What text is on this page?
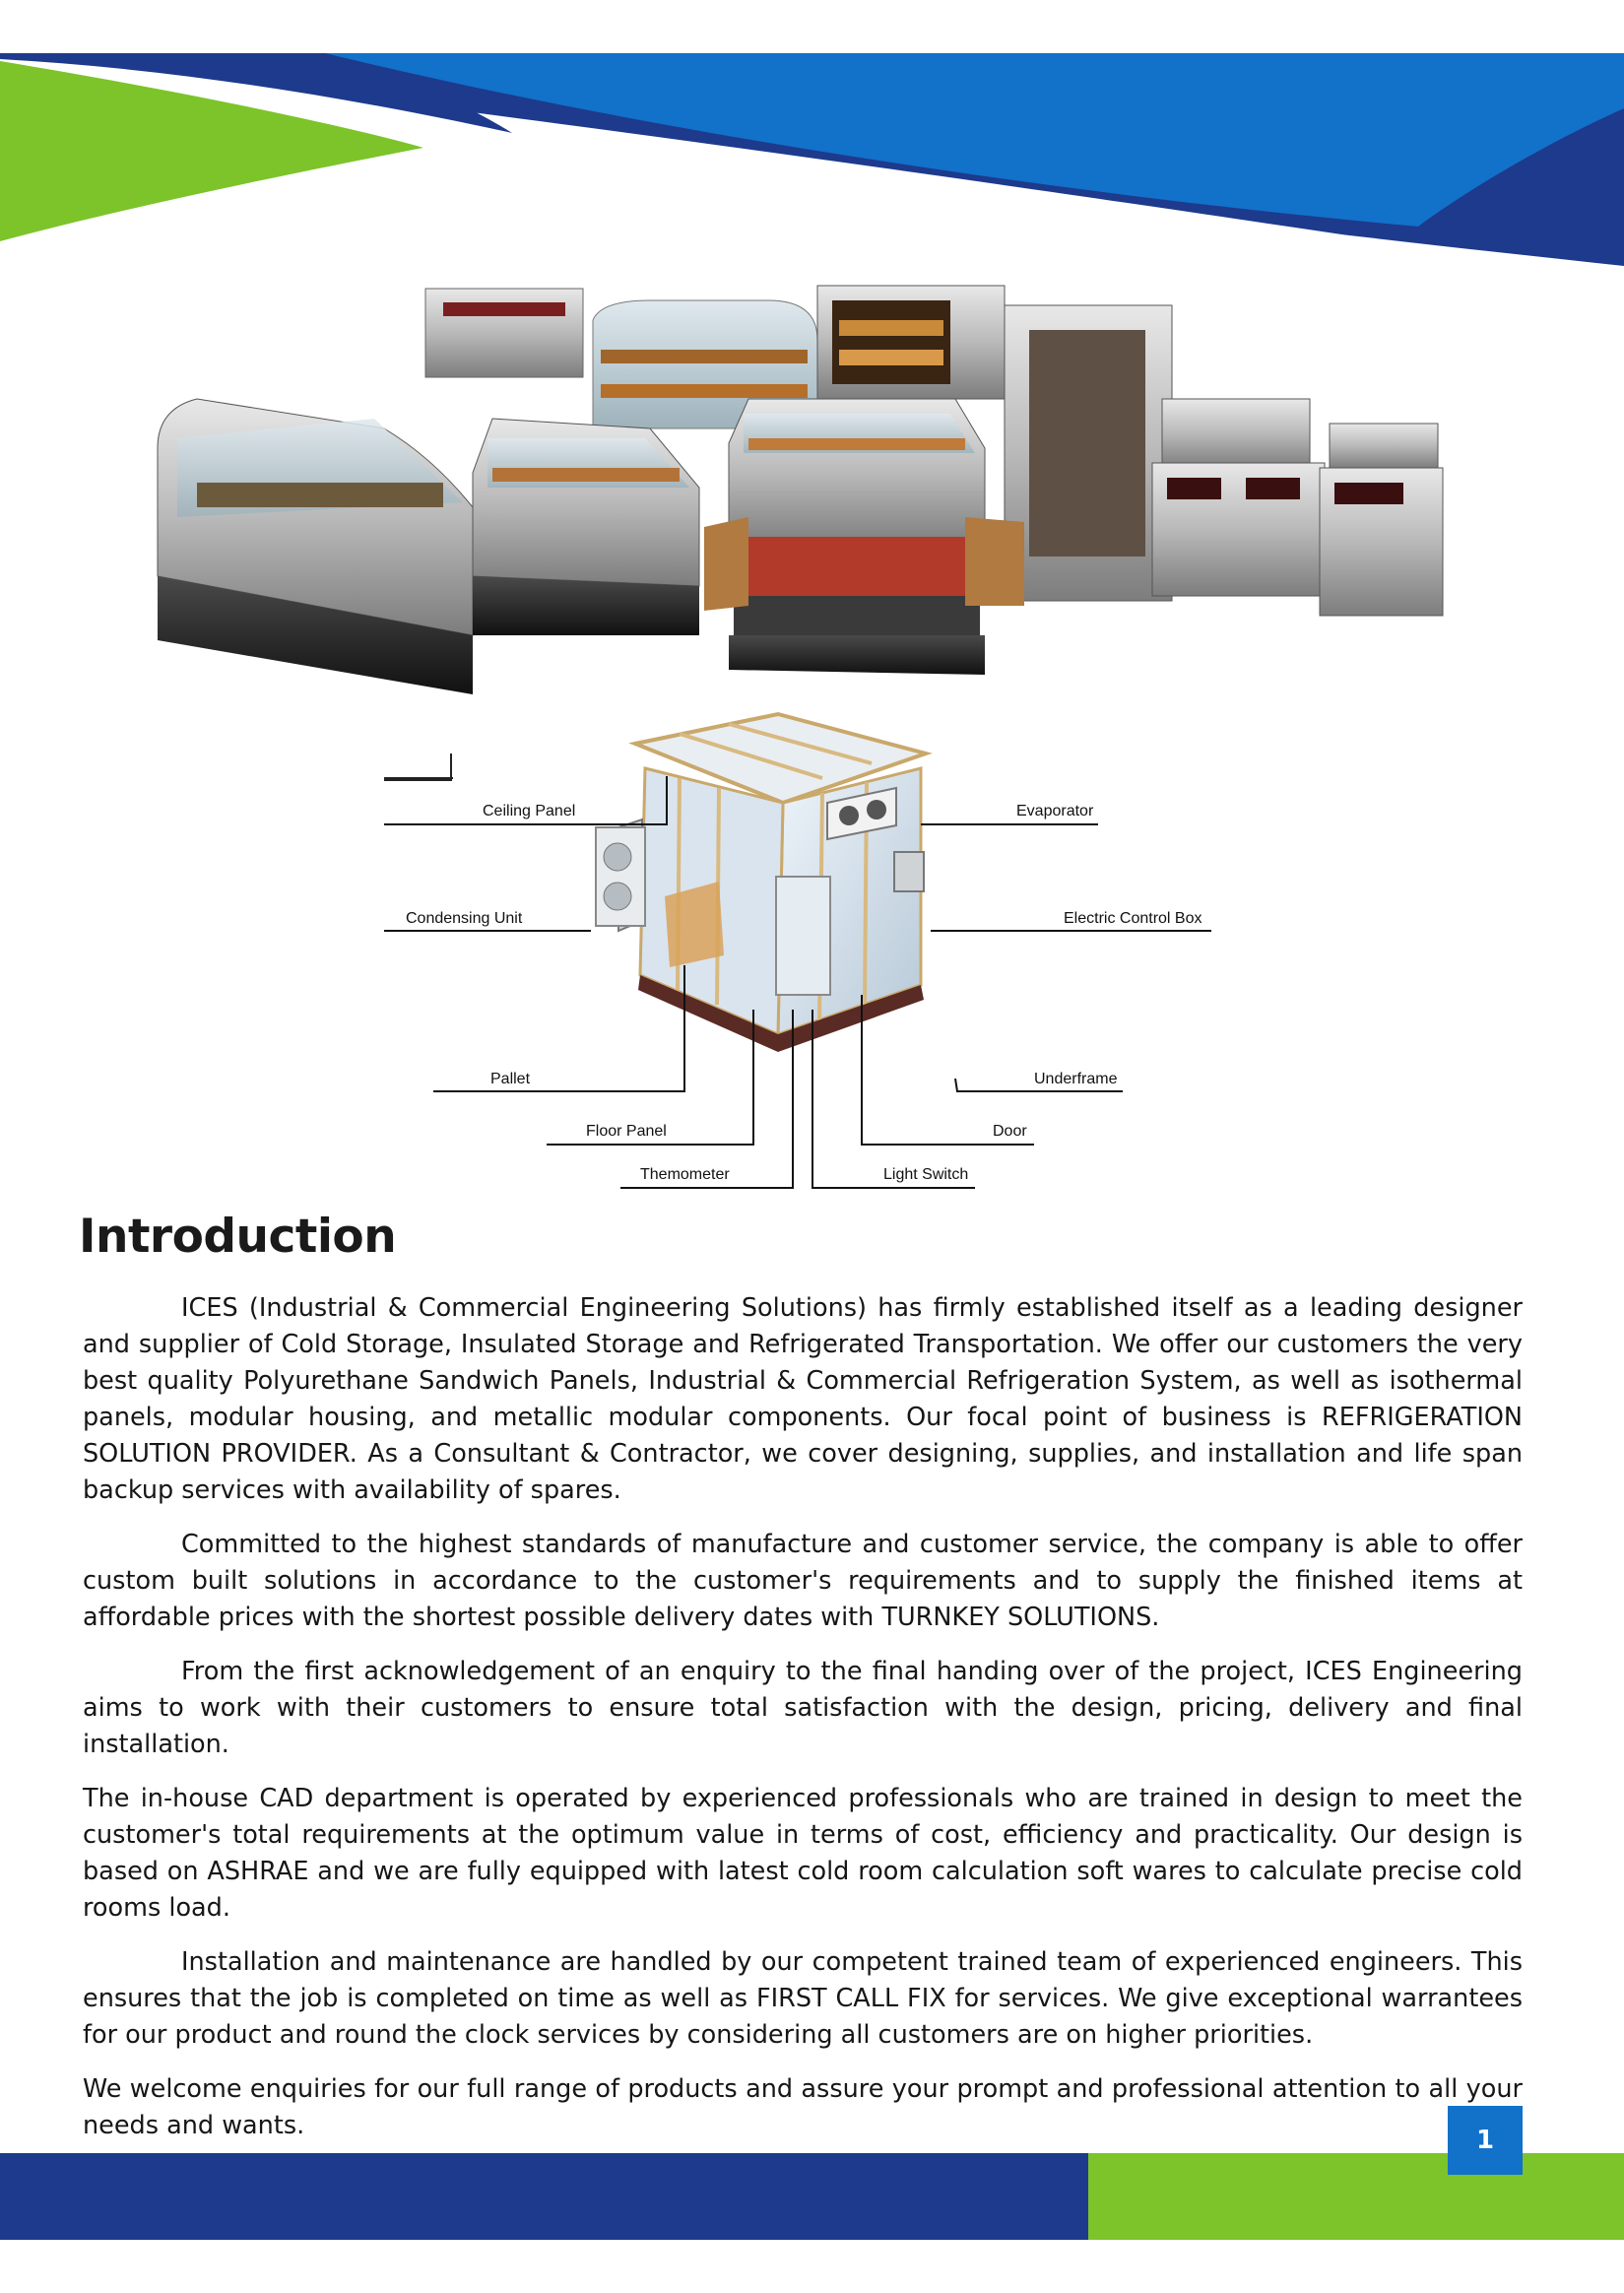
Ceiling Panel	Evaporator
Condensing Unit	Electric Control Box
Pallet	Underframe
Floor Panel	Door
Themometer	Light Switch
Introduction

ICES (Industrial & Commercial Engineering Solutions) has firmly established itself as a leading designer and supplier of Cold Storage, Insulated Storage and Refrigerated Transportation. We offer our customers the very best quality Polyurethane Sandwich Panels, Industrial & Commercial Refrigeration System, as well as isothermal panels, modular housing, and metallic modular components. Our focal point of business is REFRIGERATION SOLUTION PROVIDER. As a Consultant & Contractor, we cover designing, supplies, and installation and life span backup services with availability of spares.

Committed to the highest standards of manufacture and customer service, the company is able to offer custom built solutions in accordance to the customer's requirements and to supply the finished items at affordable prices with the shortest possible delivery dates with TURNKEY SOLUTIONS.

From the first acknowledgement of an enquiry to the final handing over of the project, ICES Engineering aims to work with their customers to ensure total satisfaction with the design, pricing, delivery and final installation.

The in-house CAD department is operated by experienced professionals who are trained in design to meet the customer's total requirements at the optimum value in terms of cost, efficiency and practicality. Our design is based on ASHRAE and we are fully equipped with latest cold room calculation soft wares to calculate precise cold rooms load.

Installation and maintenance are handled by our competent trained team of experienced engineers. This ensures that the job is completed on time as well as FIRST CALL FIX for services. We give exceptional warrantees for our product and round the clock services by considering all customers are on higher priorities.

We welcome enquiries for our full range of products and assure your prompt and professional attention to all your needs and wants.	1
